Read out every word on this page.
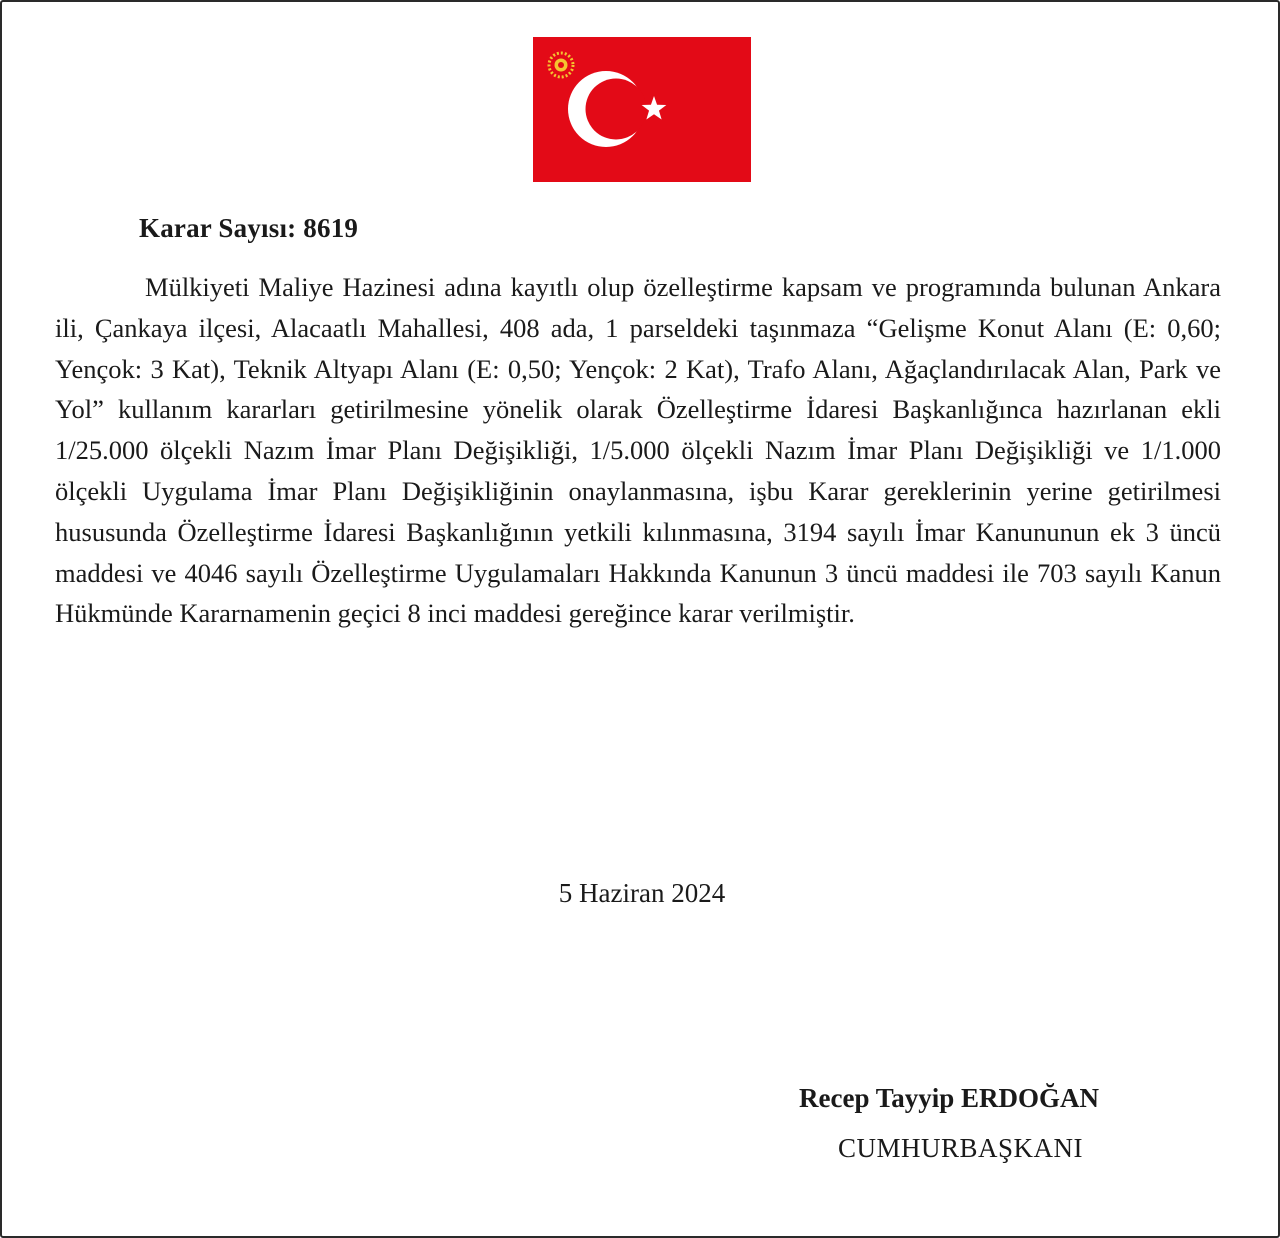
Karar Sayısı: 8619

Mülkiyeti Maliye Hazinesi adına kayıtlı olup özelleştirme kapsam ve programında bulunan Ankara ili, Çankaya ilçesi, Alacaatlı Mahallesi, 408 ada, 1 parseldeki taşınmaza “Gelişme Konut Alanı (E: 0,60; Yençok: 3 Kat), Teknik Altyapı Alanı (E: 0,50; Yençok: 2 Kat), Trafo Alanı, Ağaçlandırılacak Alan, Park ve Yol” kullanım kararları getirilmesine yönelik olarak Özelleştirme İdaresi Başkanlığınca hazırlanan ekli 1/25.000 ölçekli Nazım İmar Planı Değişikliği, 1/5.000 ölçekli Nazım İmar Planı Değişikliği ve 1/1.000 ölçekli Uygulama İmar Planı Değişikliğinin onaylanmasına, işbu Karar gereklerinin yerine getirilmesi hususunda Özelleştirme İdaresi Başkanlığının yetkili kılınmasına, 3194 sayılı İmar Kanununun ek 3 üncü maddesi ve 4046 sayılı Özelleştirme Uygulamaları Hakkında Kanunun 3 üncü maddesi ile 703 sayılı Kanun Hükmünde Kararnamenin geçici 8 inci maddesi gereğince karar verilmiştir.

5 Haziran 2024
Recep Tayyip ERDOĞAN
CUMHURBAŞKANI
